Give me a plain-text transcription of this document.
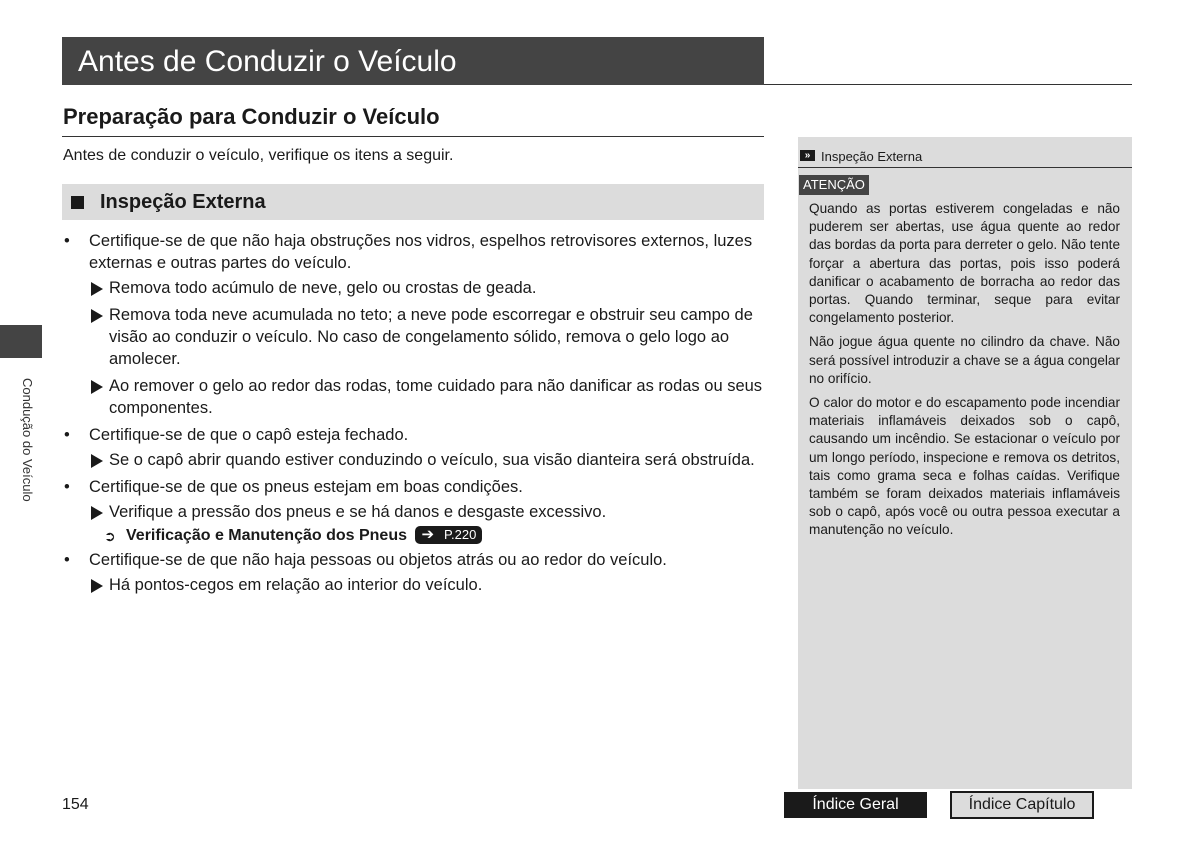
Antes de Conduzir o Veículo
Preparação para Conduzir o Veículo
Antes de conduzir o veículo, verifique os itens a seguir.
Inspeção Externa
• Certifique-se de que não haja obstruções nos vidros, espelhos retrovisores externos, luzes externas e outras partes do veículo.
Remova todo acúmulo de neve, gelo ou crostas de geada.
Remova toda neve acumulada no teto; a neve pode escorregar e obstruir seu campo de visão ao conduzir o veículo. No caso de congelamento sólido, remova o gelo logo ao amolecer.
Ao remover o gelo ao redor das rodas, tome cuidado para não danificar as rodas ou seus componentes.
• Certifique-se de que o capô esteja fechado.
Se o capô abrir quando estiver conduzindo o veículo, sua visão dianteira será obstruída.
• Certifique-se de que os pneus estejam em boas condições.
Verifique a pressão dos pneus e se há danos e desgaste excessivo.
➲ Verificação e Manutenção dos Pneus ➔ P.220
• Certifique-se de que não haja pessoas ou objetos atrás ou ao redor do veículo.
Há pontos-cegos em relação ao interior do veículo.
Condução do Veículo
» Inspeção Externa
ATENÇÃO

Quando as portas estiverem congeladas e não puderem ser abertas, use água quente ao redor das bordas da porta para derreter o gelo. Não tente forçar a abertura das portas, pois isso poderá danificar o acabamento de borracha ao redor das portas. Quando terminar, seque para evitar congelamento posterior.

Não jogue água quente no cilindro da chave. Não será possível introduzir a chave se a água congelar no orifício.

O calor do motor e do escapamento pode incendiar materiais inflamáveis deixados sob o capô, causando um incêndio. Se estacionar o veículo por um longo período, inspecione e remova os detritos, tais como grama seca e folhas caídas. Verifique também se foram deixados materiais inflamáveis sob o capô, após você ou outra pessoa executar a manutenção no veículo.

154	Índice Geral	Índice Capítulo
